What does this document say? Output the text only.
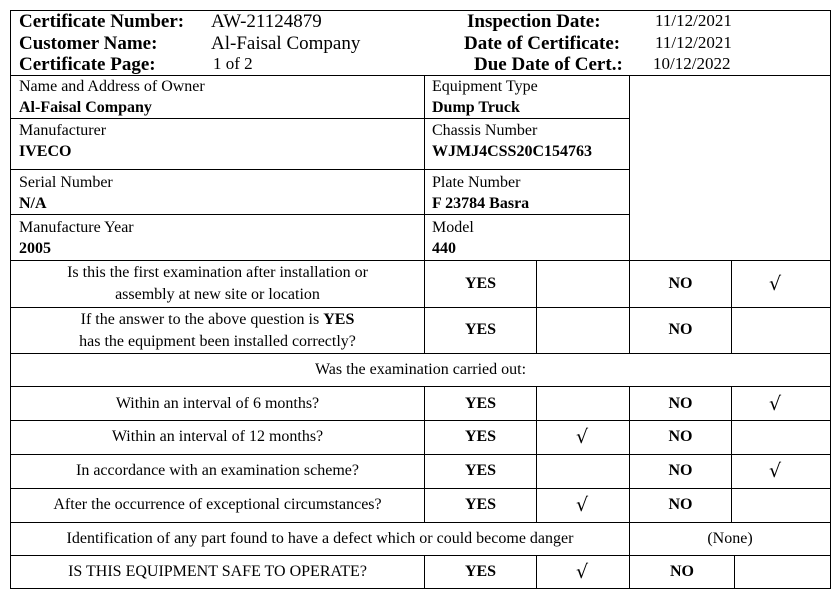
Certificate Number: AW-21124879
Customer Name:	Al-Faisal Company
Certificate Page:	1 of 2
Inspection Date:	11/12/2021
Date of Certificate: 11/12/2021
Due Date of Cert.: 10/12/2022
Name and Address of Owner
Al-Faisal Company
Equipment Type
Dump Truck
Manufacturer
IVECO
Chassis Number
WJMJ4CSS20C154763
Serial Number
N/A
Plate Number
F 23784 Basra
Manufacture Year
2005
Model
440
Is this the first examination after installation or
assembly at new site or location
YES	NO	√
If the answer to the above question is YES
has the equipment been installed correctly?
YES	NO
Was the examination carried out:
Within an interval of 6 months?	YES	NO	√
Within an interval of 12 months?	YES	√	NO
In accordance with an examination scheme?	YES	NO	√
After the occurrence of exceptional circumstances?	YES	√	NO
Identification of any part found to have a defect which or could become danger	(None)
IS THIS EQUIPMENT SAFE TO OPERATE?	YES	√	NO
